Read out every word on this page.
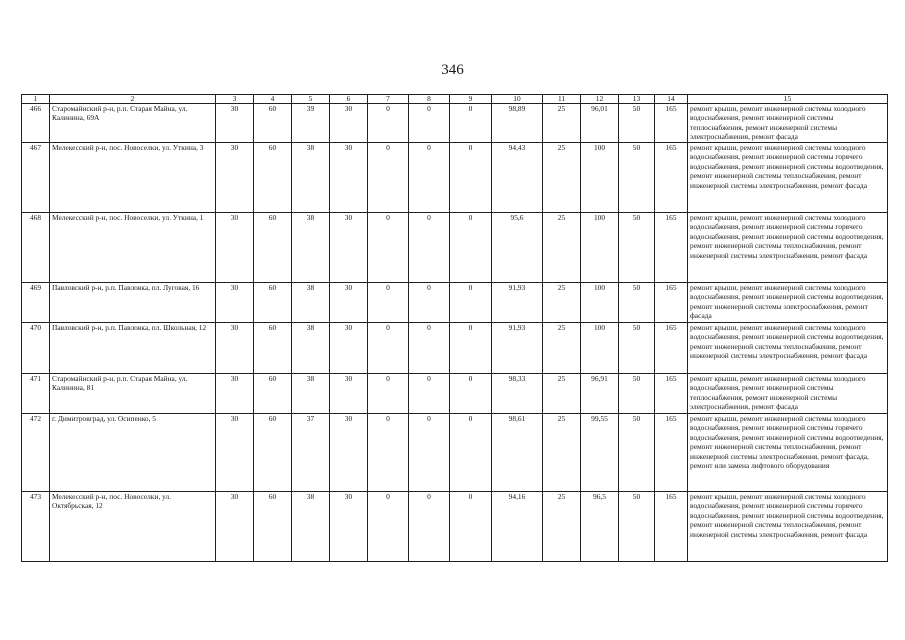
346
1	2	3	4	5	6	7	8	9	10	11	12	13	14	15
466	Старомайнский р-н, р.п. Старая Майна, ул. Калинина, 69А	30	60	39	30	0	0	0	98,89	25	96,01	50	165	ремонт крыши, ремонт инженерной системы холодного водоснабжения, ремонт инженерной системы теплоснабжения, ремонт инженерной системы электроснабжения, ремонт фасада
467	Мелекесский р-н, пос. Новоселки, ул. Уткина, 3	30	60	38	30	0	0	0	94,43	25	100	50	165	ремонт крыши, ремонт инженерной системы холодного водоснабжения, ремонт инженерной системы горячего водоснабжения, ремонт инженерной системы водоотведения, ремонт инженерной системы теплоснабжения, ремонт инженерной системы электроснабжения, ремонт фасада
468	Мелекесский р-н, пос. Новоселки, ул. Уткина, 1	30	60	38	30	0	0	0	95,6	25	100	50	165	ремонт крыши, ремонт инженерной системы холодного водоснабжения, ремонт инженерной системы горячего водоснабжения, ремонт инженерной системы водоотведения, ремонт инженерной системы теплоснабжения, ремонт инженерной системы электроснабжения, ремонт фасада
469	Павловский р-н, р.п. Павловка, пл. Луговая, 16	30	60	38	30	0	0	0	91,93	25	100	50	165	ремонт крыши, ремонт инженерной системы холодного водоснабжения, ремонт инженерной системы водоотведения, ремонт инженерной системы электроснабжения, ремонт фасада
470	Павловский р-н, р.п. Павловка, пл. Школьная, 12	30	60	38	30	0	0	0	91,93	25	100	50	165	ремонт крыши, ремонт инженерной системы холодного водоснабжения, ремонт инженерной системы водоотведения, ремонт инженерной системы теплоснабжения, ремонт инженерной системы электроснабжения, ремонт фасада
471	Старомайнский р-н, р.п. Старая Майна, ул. Калинина, 81	30	60	38	30	0	0	0	98,33	25	96,91	50	165	ремонт крыши, ремонт инженерной системы холодного водоснабжения, ремонт инженерной системы теплоснабжения, ремонт инженерной системы электроснабжения, ремонт фасада
472	г. Димитровград, ул. Осипенко, 5	30	60	37	30	0	0	0	98,61	25	99,55	50	165	ремонт крыши, ремонт инженерной системы холодного водоснабжения, ремонт инженерной системы горячего водоснабжения, ремонт инженерной системы водоотведения, ремонт инженерной системы теплоснабжения, ремонт инженерной системы электроснабжения, ремонт фасада, ремонт или замена лифтового оборудования
473	Мелекесский р-н, пос. Новоселки, ул. Октябрьская, 12	30	60	38	30	0	0	0	94,16	25	96,5	50	165	ремонт крыши, ремонт инженерной системы холодного водоснабжения, ремонт инженерной системы горячего водоснабжения, ремонт инженерной системы водоотведения, ремонт инженерной системы теплоснабжения, ремонт инженерной системы электроснабжения, ремонт фасада
